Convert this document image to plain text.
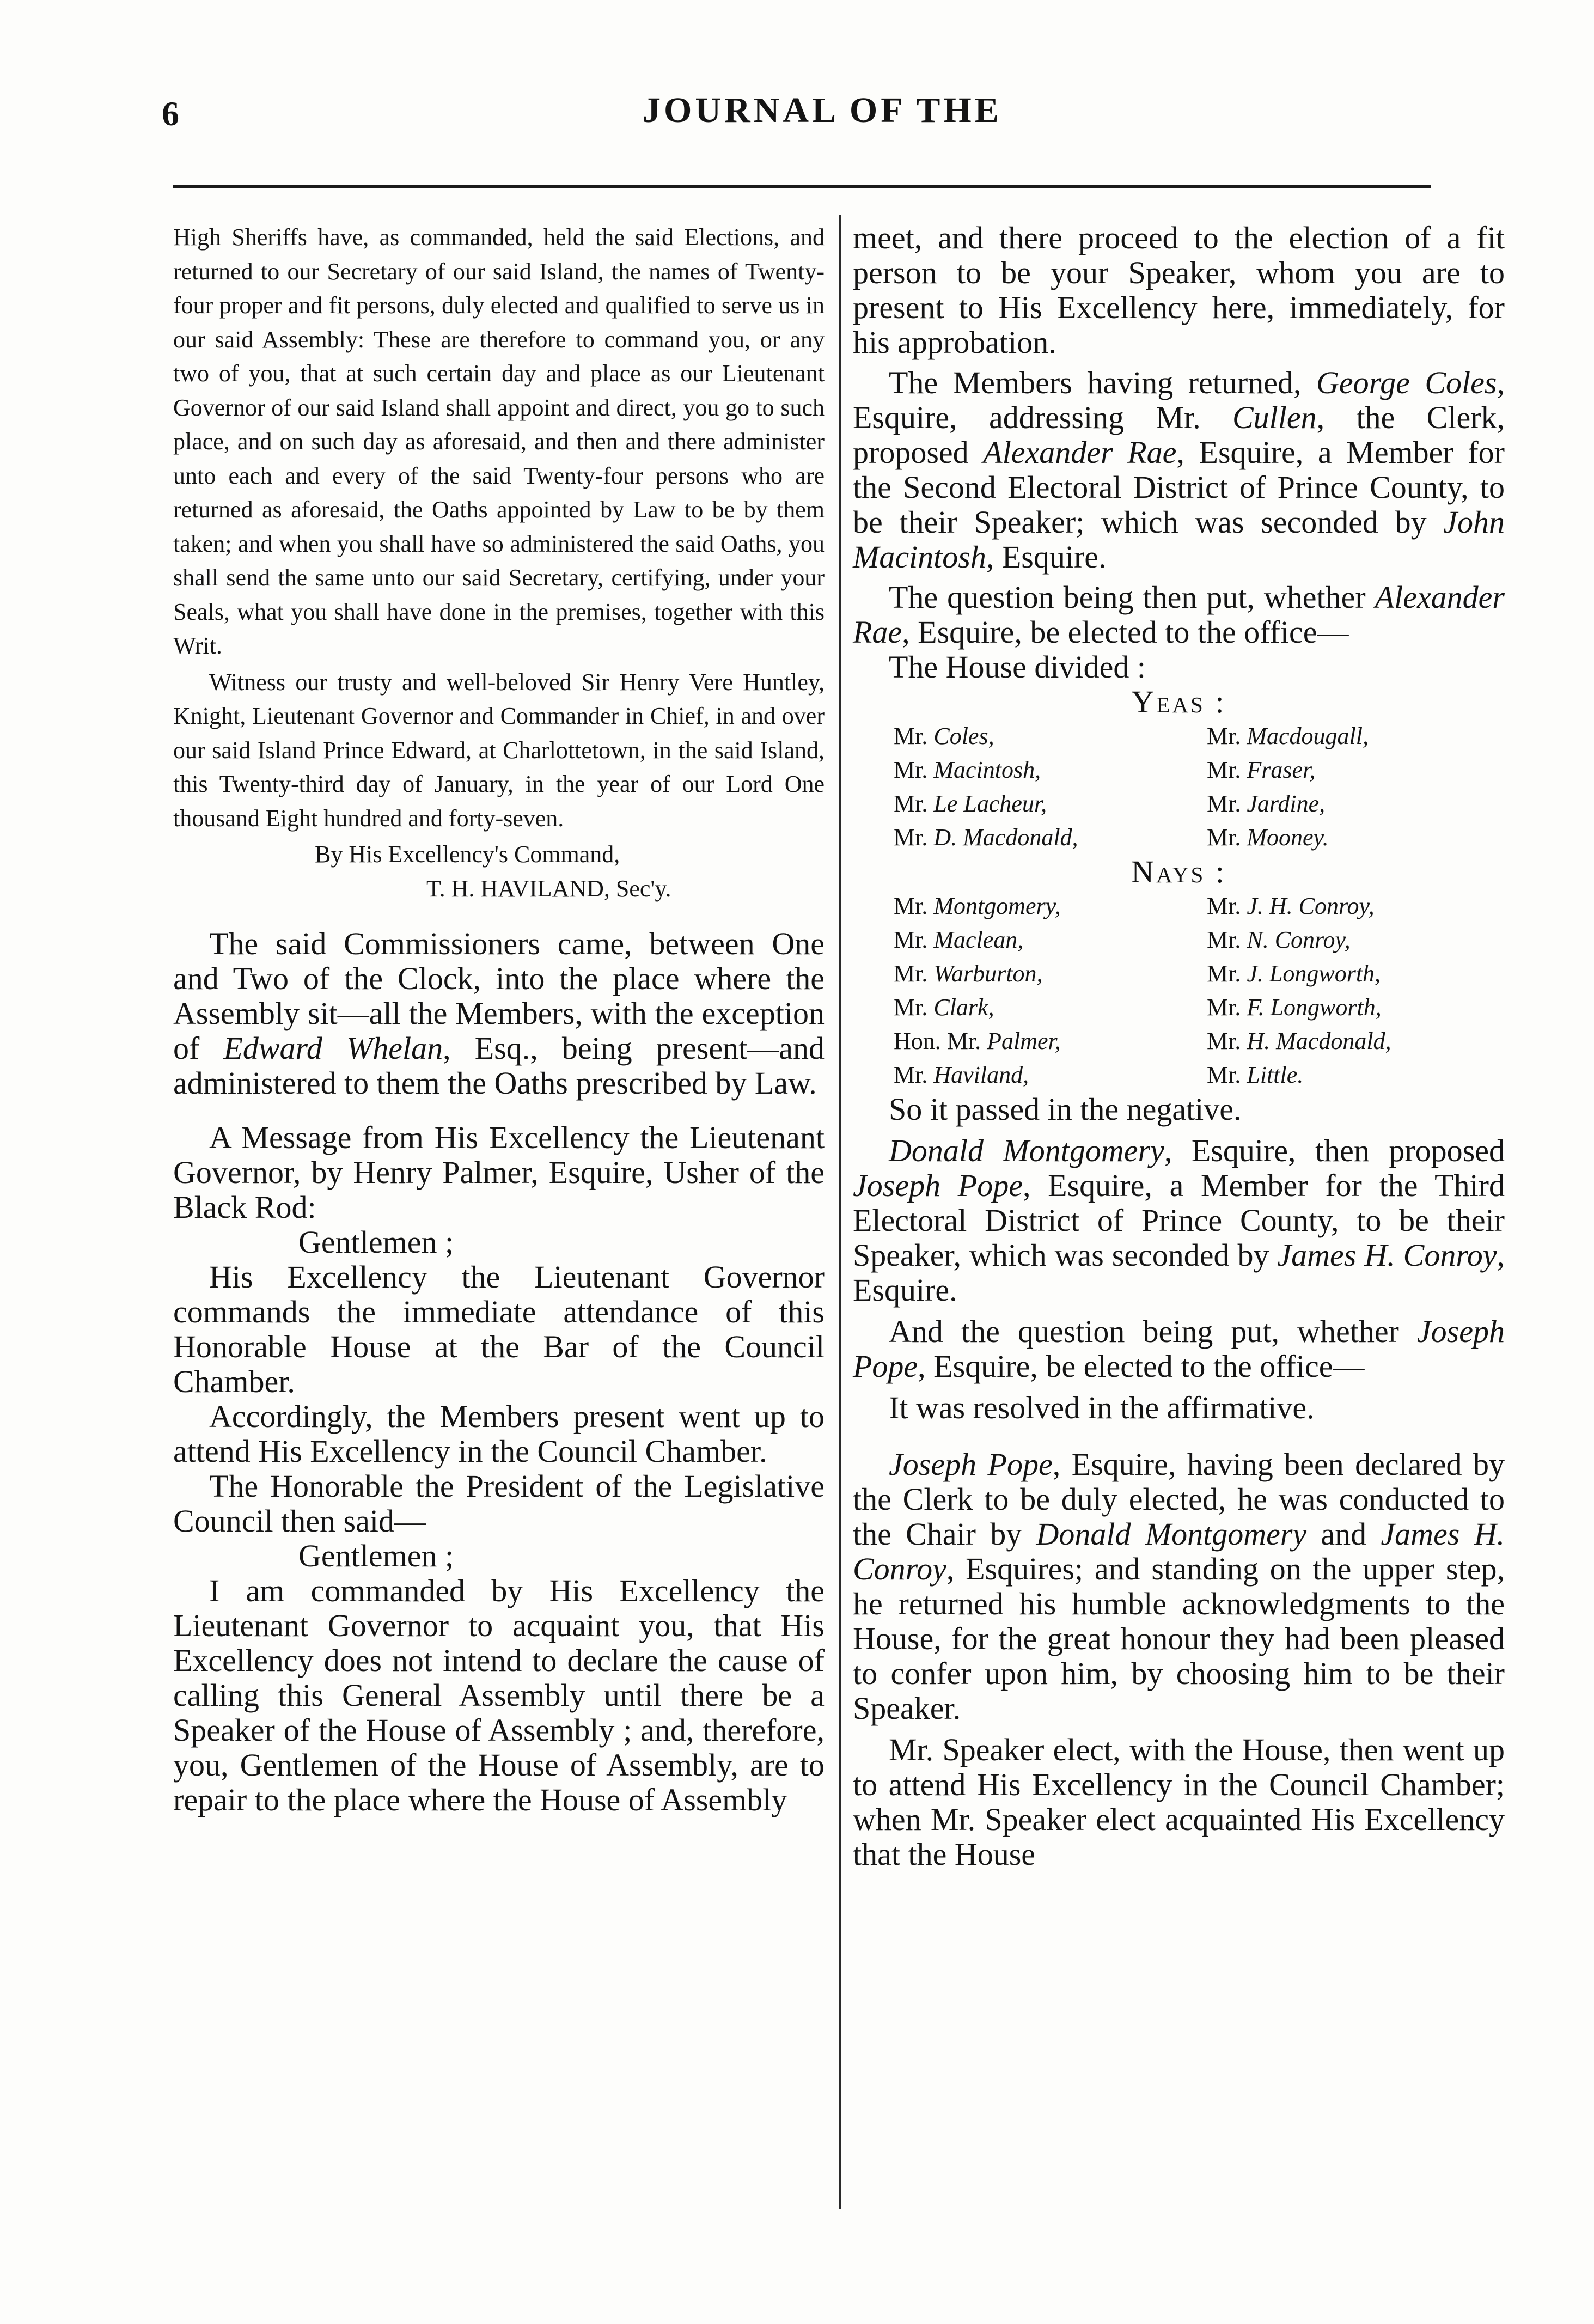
6	JOURNAL OF THE

High Sheriffs have, as commanded, held the said Elections, and returned to our Secretary of our said Island, the names of Twenty-four proper and fit persons, duly elected and qualified to serve us in our said Assembly: These are therefore to command you, or any two of you, that at such certain day and place as our Lieutenant Governor of our said Island shall appoint and direct, you go to such place, and on such day as aforesaid, and then and there administer unto each and every of the said Twenty-four persons who are returned as aforesaid, the Oaths appointed by Law to be by them taken; and when you shall have so administered the said Oaths, you shall send the same unto our said Secretary, certifying, under your Seals, what you shall have done in the premises, together with this Writ.

Witness our trusty and well-beloved Sir Henry Vere Huntley, Knight, Lieutenant Governor and Commander in Chief, in and over our said Island Prince Edward, at Charlottetown, in the said Island, this Twenty-third day of January, in the year of our Lord One thousand Eight hundred and forty-seven.

By His Excellency's Command,

T. H. HAVILAND, Sec'y.

The said Commissioners came, between One and Two of the Clock, into the place where the Assembly sit—all the Members, with the exception of Edward Whelan, Esq., being present—and administered to them the Oaths prescribed by Law.

A Message from His Excellency the Lieutenant Governor, by Henry Palmer, Esquire, Usher of the Black Rod:

Gentlemen ;

His Excellency the Lieutenant Governor commands the immediate attendance of this Honorable House at the Bar of the Council Chamber.

Accordingly, the Members present went up to attend His Excellency in the Council Chamber.

The Honorable the President of the Legislative Council then said—

Gentlemen ;

I am commanded by His Excellency the Lieutenant Governor to acquaint you, that His Excellency does not intend to declare the cause of calling this General Assembly until there be a Speaker of the House of Assembly ; and, therefore, you, Gentlemen of the House of Assembly, are to repair to the place where the House of Assembly

meet, and there proceed to the election of a fit person to be your Speaker, whom you are to present to His Excellency here, immediately, for his approbation.

The Members having returned, George Coles, Esquire, addressing Mr. Cullen, the Clerk, proposed Alexander Rae, Esquire, a Member for the Second Electoral District of Prince County, to be their Speaker; which was seconded by John Macintosh, Esquire.

The question being then put, whether Alexander Rae, Esquire, be elected to the office—

The House divided :

Yeas :

Mr. Coles,	Mr. Macdougall,
Mr. Macintosh,	Mr. Fraser,
Mr. Le Lacheur,	Mr. Jardine,
Mr. D. Macdonald,	Mr. Mooney.

Nays :

Mr. Montgomery,	Mr. J. H. Conroy,
Mr. Maclean,	Mr. N. Conroy,
Mr. Warburton,	Mr. J. Longworth,
Mr. Clark,	Mr. F. Longworth,
Hon. Mr. Palmer,	Mr. H. Macdonald,
Mr. Haviland,	Mr. Little.

So it passed in the negative.

Donald Montgomery, Esquire, then proposed Joseph Pope, Esquire, a Member for the Third Electoral District of Prince County, to be their Speaker, which was seconded by James H. Conroy, Esquire.

And the question being put, whether Joseph Pope, Esquire, be elected to the office—

It was resolved in the affirmative.

Joseph Pope, Esquire, having been declared by the Clerk to be duly elected, he was conducted to the Chair by Donald Montgomery and James H. Conroy, Esquires; and standing on the upper step, he returned his humble acknowledgments to the House, for the great honour they had been pleased to confer upon him, by choosing him to be their Speaker.

Mr. Speaker elect, with the House, then went up to attend His Excellency in the Council Chamber; when Mr. Speaker elect acquainted His Excellency that the House
